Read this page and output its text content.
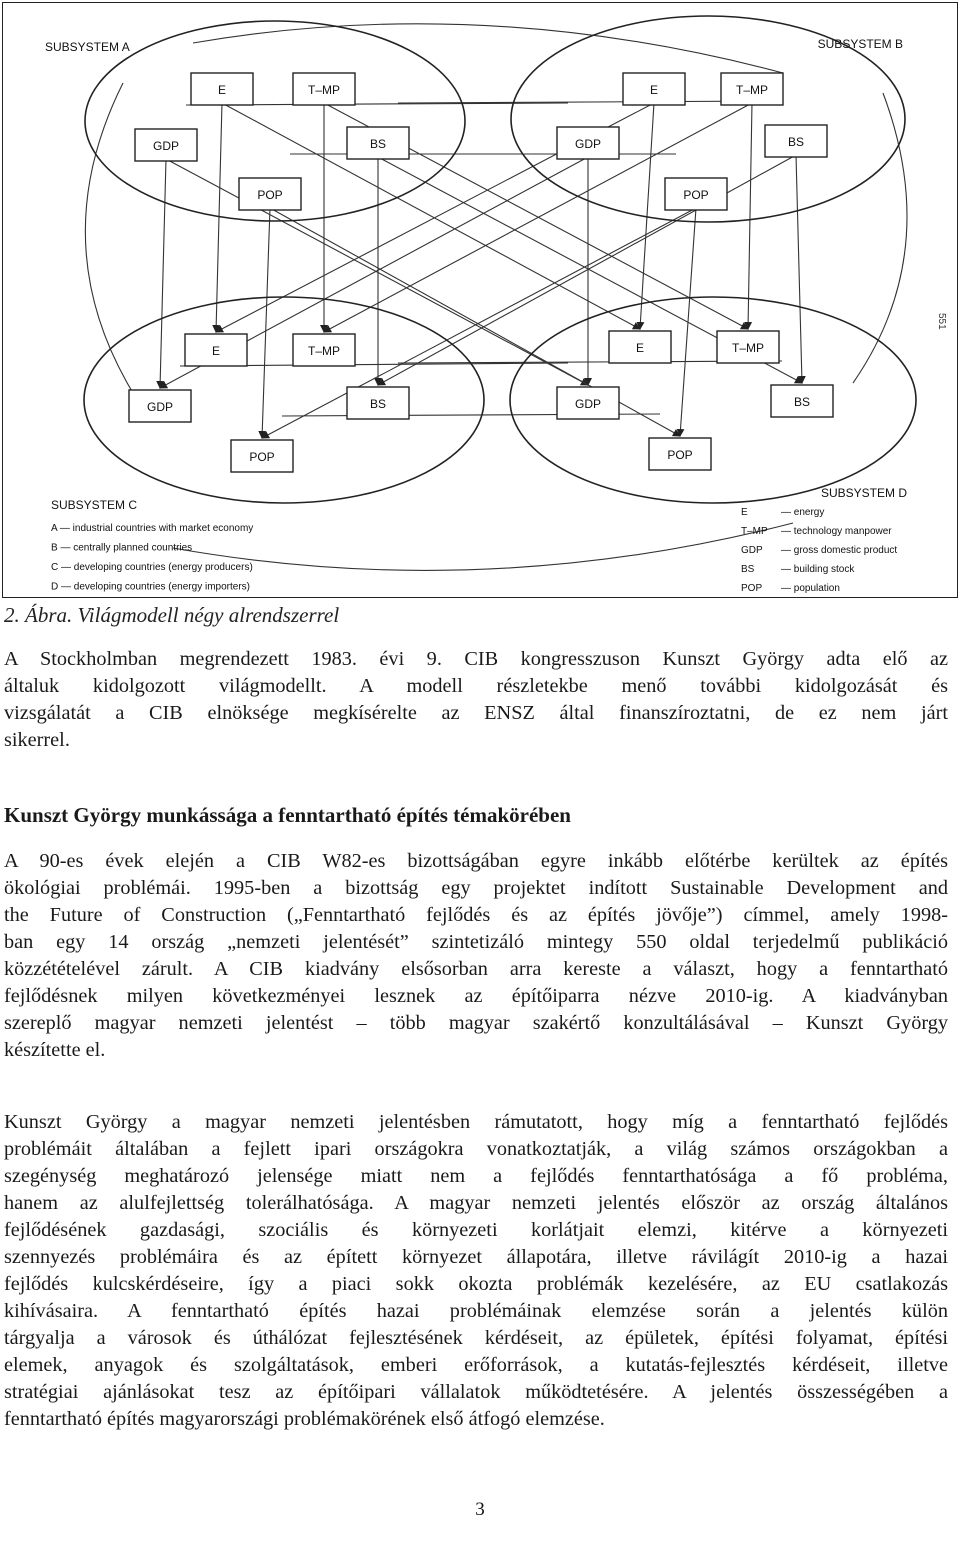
E	T–MP
GDP	BS
POP
E	T–MP
GDP	BS
POP
E	T–MP
GDP	BS
POP
E	T–MP
GDP	BS
POP
SUBSYSTEM A	SUBSYSTEM B
SUBSYSTEM C
SUBSYSTEM D
A — industrial countries with market economy
B — centrally planned countries
C — developing countries (energy producers)
D — developing countries (energy importers)
E	— energy
T–MP — technology manpower
GDP — gross domestic product
BS	— building stock
POP — population
551
2. Ábra. Világmodell négy alrendszerrel
A Stockholmban megrendezett 1983. évi 9. CIB kongresszuson Kunszt György adta elő az
általuk kidolgozott világmodellt. A modell részletekbe menő további kidolgozását és
vizsgálatát a CIB elnöksége megkísérelte az ENSZ által finanszíroztatni, de ez nem járt
sikerrel.
Kunszt György munkássága a fenntartható építés témakörében
A 90-es évek elején a CIB W82-es bizottságában egyre inkább előtérbe kerültek az építés
ökológiai problémái. 1995-ben a bizottság egy projektet indított Sustainable Development and
the Future of Construction („Fenntartható fejlődés és az építés jövője”) címmel, amely 1998-
ban egy 14 ország „nemzeti jelentését” szintetizáló mintegy 550 oldal terjedelmű publikáció
közzétételével zárult. A CIB kiadvány elsősorban arra kereste a választ, hogy a fenntartható
fejlődésnek milyen következményei lesznek az építőiparra nézve 2010-ig. A kiadványban
szereplő magyar nemzeti jelentést – több magyar szakértő konzultálásával – Kunszt György
készítette el.
Kunszt György a magyar nemzeti jelentésben rámutatott, hogy míg a fenntartható fejlődés
problémáit általában a fejlett ipari országokra vonatkoztatják, a világ számos országokban a
szegénység meghatározó jelensége miatt nem a fejlődés fenntarthatósága a fő probléma,
hanem az alulfejlettség tolerálhatósága. A magyar nemzeti jelentés először az ország általános
fejlődésének gazdasági, szociális és környezeti korlátjait elemzi, kitérve a környezeti
szennyezés problémáira és az épített környezet állapotára, illetve rávilágít 2010-ig a hazai
fejlődés kulcskérdéseire, így a piaci sokk okozta problémák kezelésére, az EU csatlakozás
kihívásaira. A fenntartható építés hazai problémáinak elemzése során a jelentés külön
tárgyalja a városok és úthálózat fejlesztésének kérdéseit, az épületek, építési folyamat, építési
elemek, anyagok és szolgáltatások, emberi erőforrások, a kutatás-fejlesztés kérdéseit, illetve
stratégiai ajánlásokat tesz az építőipari vállalatok működtetésére. A jelentés összességében a
fenntartható építés magyarországi problémakörének első átfogó elemzése.
3
